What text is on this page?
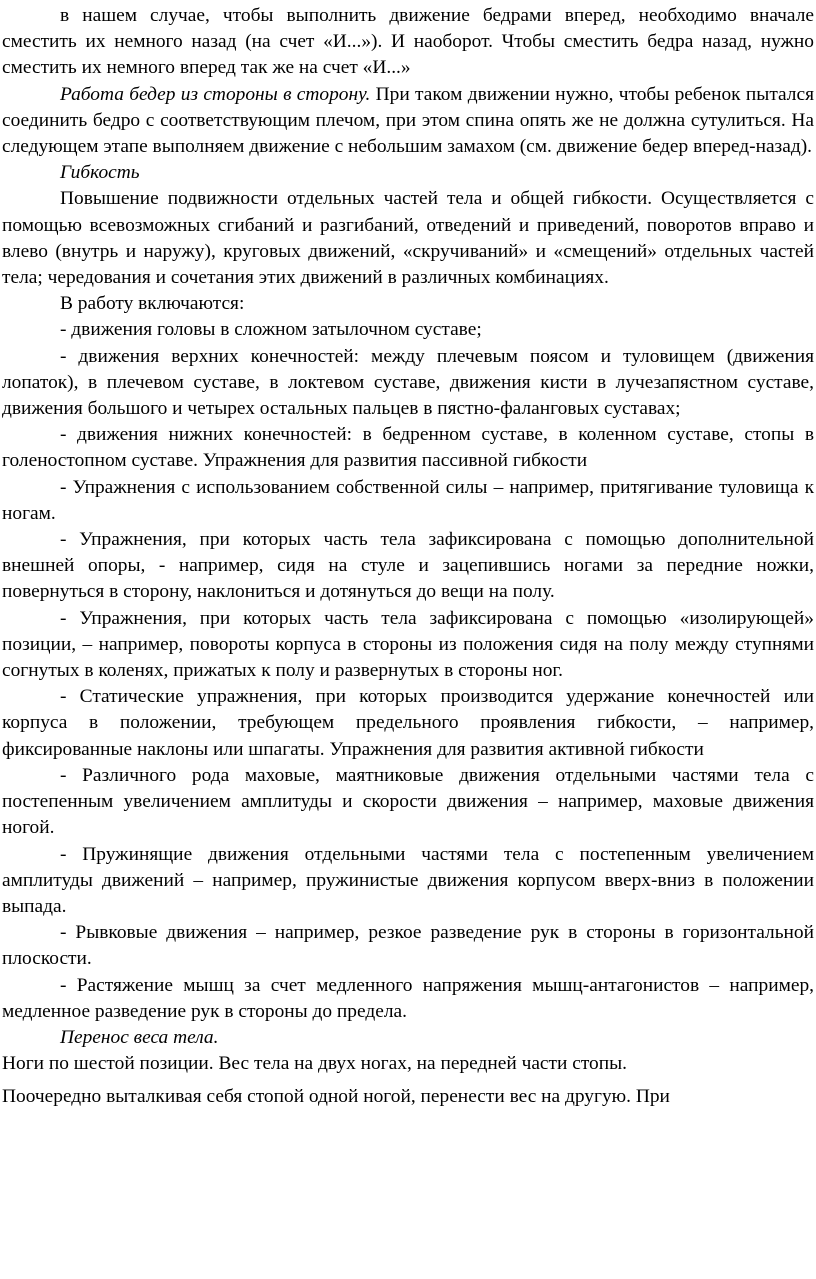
в нашем случае, чтобы выполнить движение бедрами вперед, необходимо вначале сместить их немного назад (на счет «И...»). И наоборот. Чтобы сместить бедра назад, нужно сместить их немного вперед так же на счет «И...»

Работа бедер из стороны в сторону. При таком движении нужно, чтобы ребенок пытался соединить бедро с соответствующим плечом, при этом спина опять же не должна сутулиться. На следующем этапе выполняем движение с небольшим замахом (см. движение бедер вперед-назад).

Гибкость

Повышение подвижности отдельных частей тела и общей гибкости. Осуществляется с помощью всевозможных сгибаний и разгибаний, отведений и приведений, поворотов вправо и влево (внутрь и наружу), круговых движений, «скручиваний» и «смещений» отдельных частей тела; чередования и сочетания этих движений в различных комбинациях.

В работу включаются:

- движения головы в сложном затылочном суставе;

- движения верхних конечностей: между плечевым поясом и туловищем (движения лопаток), в плечевом суставе, в локтевом суставе, движения кисти в лучезапястном суставе, движения большого и четырех остальных пальцев в пястно-фаланговых суставах;

- движения нижних конечностей: в бедренном суставе, в коленном суставе, стопы в голеностопном суставе. Упражнения для развития пассивной гибкости

- Упражнения с использованием собственной силы – например, притягивание туловища к ногам.

- Упражнения, при которых часть тела зафиксирована с помощью дополнительной внешней опоры, - например, сидя на стуле и зацепившись ногами за передние ножки, повернуться в сторону, наклониться и дотянуться до вещи на полу.

- Упражнения, при которых часть тела зафиксирована с помощью «изолирующей» позиции, – например, повороты корпуса в стороны из положения сидя на полу между ступнями согнутых в коленях, прижатых к полу и развернутых в стороны ног.

- Статические упражнения, при которых производится удержание конечностей или корпуса в положении, требующем предельного проявления гибкости, – например, фиксированные наклоны или шпагаты. Упражнения для развития активной гибкости

- Различного рода маховые, маятниковые движения отдельными частями тела с постепенным увеличением амплитуды и скорости движения – например, маховые движения ногой.

- Пружинящие движения отдельными частями тела с постепенным увеличением амплитуды движений – например, пружинистые движения корпусом вверх-вниз в положении выпада.

- Рывковые движения – например, резкое разведение рук в стороны в горизонтальной плоскости.

- Растяжение мышц за счет медленного напряжения мышц-антагонистов – например, медленное разведение рук в стороны до предела.

Перенос веса тела.

Ноги по шестой позиции. Вес тела на двух ногах, на передней части стопы.

Поочередно выталкивая себя стопой одной ногой, перенести вес на другую. При
